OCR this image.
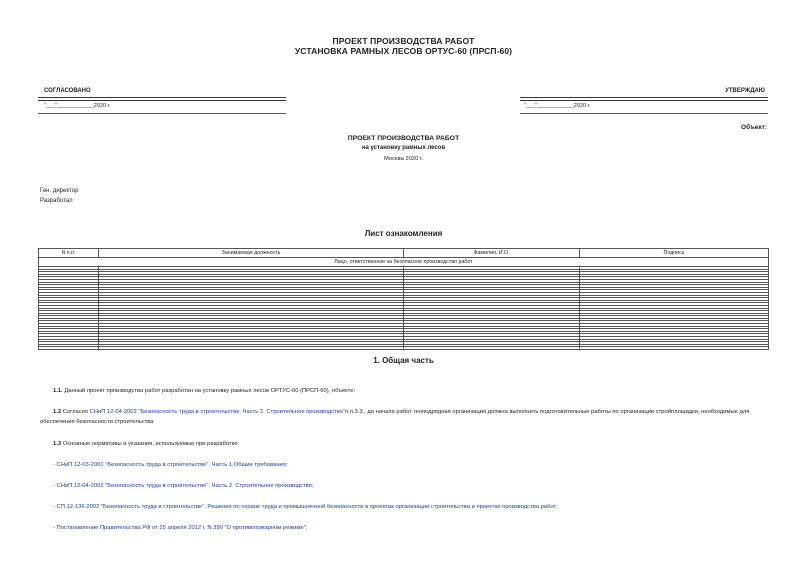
ПРОЕКТ ПРОИЗВОДСТВА РАБОТ
УСТАНОВКА РАМНЫХ ЛЕСОВ ОРТУС-60 (ПРСП-60)
СОГЛАСОВАНО
"___"____________2020 г.
УТВЕРЖДАЮ
"___"____________2020 г.
Объект:
ПРОЕКТ ПРОИЗВОДСТВА РАБОТ
на установку рамных лесов
Москва 2020 г.
Ген. директор
Разработал
Лист ознакомления
N п.п.	Занимаемая должность	Фамилия, И.О.	Подпись
Лицо, ответственное за безопасное производство работ			

1. Общая часть
1.1. Данный проект производства работ разработан на установку рамных лесов ОРТУС-60 (ПРСП-60), объекте:
1.2 Согласно СНиП 12-04-2002 "Безопасность труда в строительстве. Часть 2. Строительное производство"п.п.3.3., до начала работ генподрядная организация должна выполнить подготовительные работы по организации стройплощадки, необходимые для обеспечения безопасности строительства
1.3 Основные нормативы и указания, используемые при разработке:
- СНиП 12-03-2001 "Безопасность труда в строительстве". Часть 1.Общие требования;
- СНиП 12-04-2002 "Безопасность труда в строительстве". Часть 2. Строительное производство;
- СП 12-136-2002 "Безопасность труда в строительстве". Решения по охране труда и промышленной безопасности в проектах организации строительства и проектах производства работ;
- Постановление Правительства РФ от 25 апреля 2012 г. N 390 "О противопожарном режиме";
